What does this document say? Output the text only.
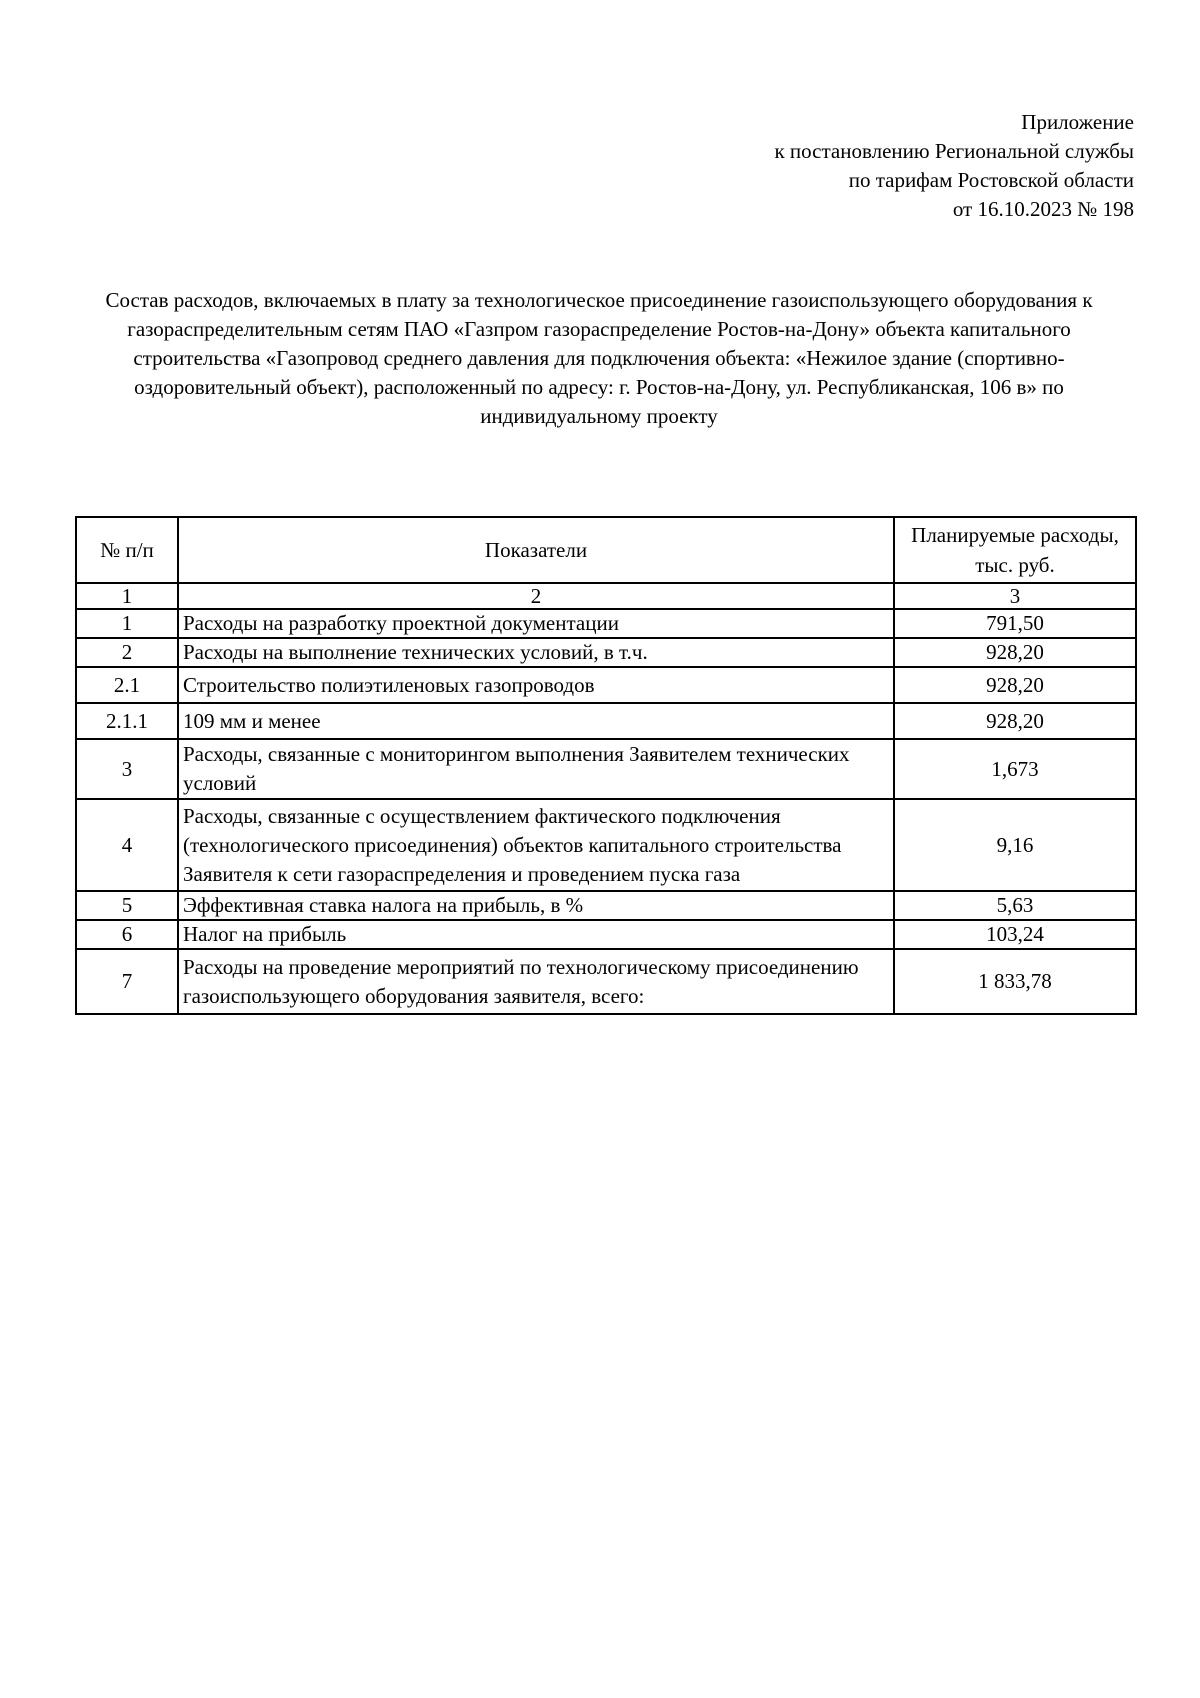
Приложение
к постановлению Региональной службы
по тарифам Ростовской области
от 16.10.2023 № 198
Состав расходов, включаемых в плату за технологическое присоединение газоиспользующего оборудования к
газораспределительным сетям ПАО «Газпром газораспределение Ростов-на-Дону» объекта капитального
строительства «Газопровод среднего давления для подключения объекта: «Нежилое здание (спортивно-
оздоровительный объект), расположенный по адресу: г. Ростов-на-Дону, ул. Республиканская, 106 в» по
индивидуальному проекту
№ п/п	Показатели	Планируемые расходы,
тыс. руб.

1	2	3
1	Расходы на разработку проектной документации	791,50
2	Расходы на выполнение технических условий, в т.ч.	928,20
2.1	Строительство полиэтиленовых газопроводов	928,20
2.1.1	109 мм и менее	928,20
3	Расходы, связанные с мониторингом выполнения Заявителем технических условий	1,673
4	Расходы, связанные с осуществлением фактического подключения (технологического присоединения) объектов капитального строительства Заявителя к сети газораспределения и проведением пуска газа	9,16
5	Эффективная ставка налога на прибыль, в %	5,63
6	Налог на прибыль	103,24
7	Расходы на проведение мероприятий по технологическому присоединению газоиспользующего оборудования заявителя, всего:	1 833,78
